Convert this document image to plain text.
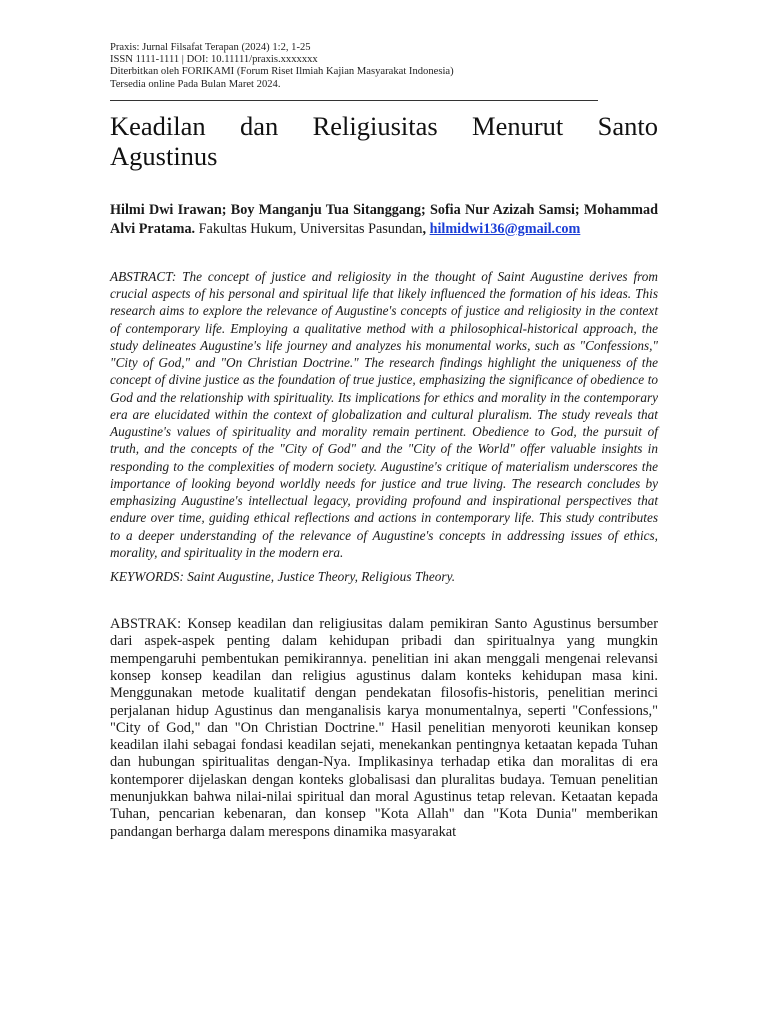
Praxis: Jurnal Filsafat Terapan (2024) 1:2, 1-25
ISSN 1111-1111 | DOI: 10.11111/praxis.xxxxxxx
Diterbitkan oleh FORIKAMI (Forum Riset Ilmiah Kajian Masyarakat Indonesia)
Tersedia online Pada Bulan Maret 2024.
Keadilan dan Religiusitas Menurut Santo Agustinus
Hilmi Dwi Irawan; Boy Manganju Tua Sitanggang; Sofia Nur Azizah Samsi; Mohammad Alvi Pratama. Fakultas Hukum, Universitas Pasundan, hilmidwi136@gmail.com
ABSTRACT: The concept of justice and religiosity in the thought of Saint Augustine derives from crucial aspects of his personal and spiritual life that likely influenced the formation of his ideas. This research aims to explore the relevance of Augustine's concepts of justice and religiosity in the context of contemporary life. Employing a qualitative method with a philosophical-historical approach, the study delineates Augustine's life journey and analyzes his monumental works, such as "Confessions," "City of God," and "On Christian Doctrine." The research findings highlight the uniqueness of the concept of divine justice as the foundation of true justice, emphasizing the significance of obedience to God and the relationship with spirituality. Its implications for ethics and morality in the contemporary era are elucidated within the context of globalization and cultural pluralism. The study reveals that Augustine's values of spirituality and morality remain pertinent. Obedience to God, the pursuit of truth, and the concepts of the "City of God" and the "City of the World" offer valuable insights in responding to the complexities of modern society. Augustine's critique of materialism underscores the importance of looking beyond worldly needs for justice and true living. The research concludes by emphasizing Augustine's intellectual legacy, providing profound and inspirational perspectives that endure over time, guiding ethical reflections and actions in contemporary life. This study contributes to a deeper understanding of the relevance of Augustine's concepts in addressing issues of ethics, morality, and spirituality in the modern era.
KEYWORDS: Saint Augustine, Justice Theory, Religious Theory.
ABSTRAK: Konsep keadilan dan religiusitas dalam pemikiran Santo Agustinus bersumber dari aspek-aspek penting dalam kehidupan pribadi dan spiritualnya yang mungkin mempengaruhi pembentukan pemikirannya. penelitian ini akan menggali mengenai relevansi konsep konsep keadilan dan religius agustinus dalam konteks kehidupan masa kini. Menggunakan metode kualitatif dengan pendekatan filosofis-historis, penelitian merinci perjalanan hidup Agustinus dan menganalisis karya monumentalnya, seperti "Confessions," "City of God," dan "On Christian Doctrine." Hasil penelitian menyoroti keunikan konsep keadilan ilahi sebagai fondasi keadilan sejati, menekankan pentingnya ketaatan kepada Tuhan dan hubungan spiritualitas dengan-Nya. Implikasinya terhadap etika dan moralitas di era kontemporer dijelaskan dengan konteks globalisasi dan pluralitas budaya. Temuan penelitian menunjukkan bahwa nilai-nilai spiritual dan moral Agustinus tetap relevan. Ketaatan kepada Tuhan, pencarian kebenaran, dan konsep "Kota Allah" dan "Kota Dunia" memberikan pandangan berharga dalam merespons dinamika masyarakat
